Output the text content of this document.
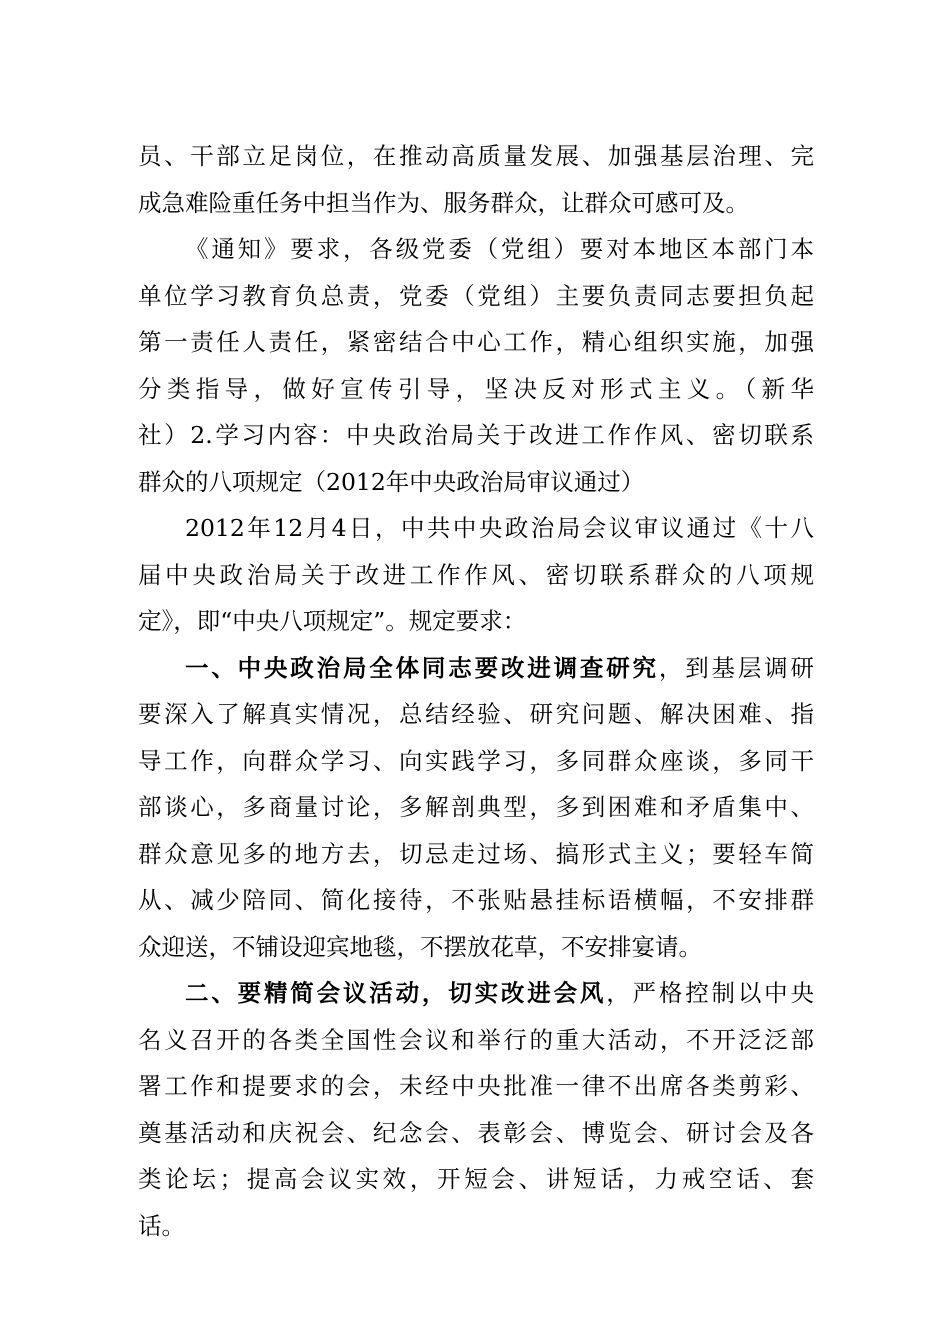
员、干部立足岗位，在推动高质量发展、加强基层治理、完
成急难险重任务中担当作为、服务群众，让群众可感可及。
《通知》要求，各级党委（党组）要对本地区本部门本
单位学习教育负总责，党委（党组）主要负责同志要担负起
第一责任人责任，紧密结合中心工作，精心组织实施，加强
分类指导，做好宣传引导，坚决反对形式主义。（新华
社）2.学习内容：中央政治局关于改进工作作风、密切联系
群众的八项规定（2012年中央政治局审议通过）
2012年12月4日，中共中央政治局会议审议通过《十八
届中央政治局关于改进工作作风、密切联系群众的八项规
定》，即“中央八项规定”。规定要求：
一、中央政治局全体同志要改进调查研究，到基层调研
要深入了解真实情况，总结经验、研究问题、解决困难、指
导工作，向群众学习、向实践学习，多同群众座谈，多同干
部谈心，多商量讨论，多解剖典型，多到困难和矛盾集中、
群众意见多的地方去，切忌走过场、搞形式主义；要轻车简
从、减少陪同、简化接待，不张贴悬挂标语横幅，不安排群
众迎送，不铺设迎宾地毯，不摆放花草，不安排宴请。
二、要精简会议活动，切实改进会风，严格控制以中央
名义召开的各类全国性会议和举行的重大活动，不开泛泛部
署工作和提要求的会，未经中央批准一律不出席各类剪彩、
奠基活动和庆祝会、纪念会、表彰会、博览会、研讨会及各
类论坛；提高会议实效，开短会、讲短话，力戒空话、套
话。
